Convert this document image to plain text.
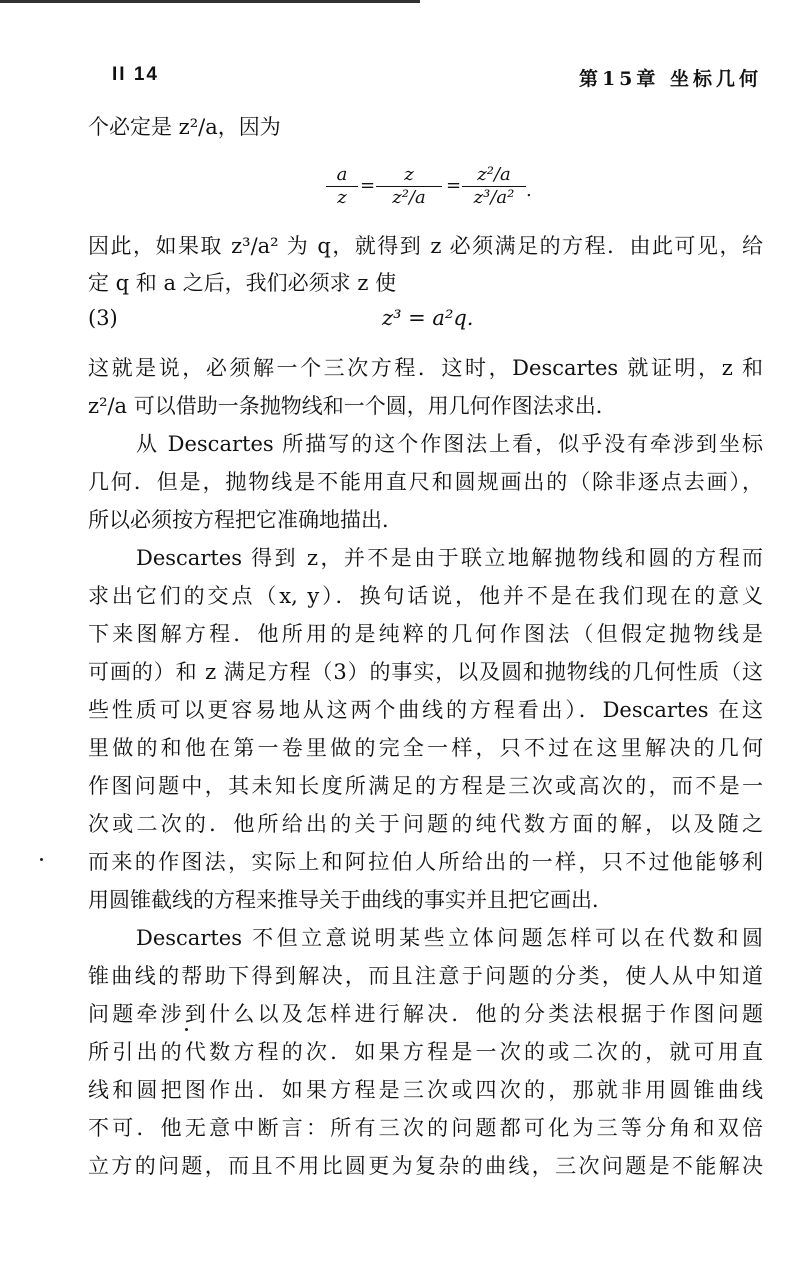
II 14	第15章 坐标几何
个必定是 z²/a，因为
$\frac{a}{z} = \frac{z}{\text{z²/a}} = \frac{\text{z²/a}}{\text{z³/a²}}$ .
因此，如果取 z³/a² 为 q，就得到 z 必须满足的方程．由此可见，给
定 q 和 a 之后，我们必须求 z 使
(3)	z³ = a²q.
这就是说，必须解一个三次方程．这时，Descartes 就证明，z 和
z²/a 可以借助一条抛物线和一个圆，用几何作图法求出．
从 Descartes 所描写的这个作图法上看，似乎没有牵涉到坐标
几何．但是，抛物线是不能用直尺和圆规画出的（除非逐点去画），
所以必须按方程把它准确地描出．
Descartes 得到 z，并不是由于联立地解抛物线和圆的方程而
求出它们的交点（x, y）．换句话说，他并不是在我们现在的意义
下来图解方程．他所用的是纯粹的几何作图法（但假定抛物线是
可画的）和 z 满足方程（3）的事实，以及圆和抛物线的几何性质（这
些性质可以更容易地从这两个曲线的方程看出）．Descartes 在这
里做的和他在第一卷里做的完全一样，只不过在这里解决的几何
作图问题中，其未知长度所满足的方程是三次或高次的，而不是一
次或二次的．他所给出的关于问题的纯代数方面的解，以及随之
而来的作图法，实际上和阿拉伯人所给出的一样，只不过他能够利
用圆锥截线的方程来推导关于曲线的事实并且把它画出．
Descartes 不但立意说明某些立体问题怎样可以在代数和圆
锥曲线的帮助下得到解决，而且注意于问题的分类，使人从中知道
问题牵涉到什么以及怎样进行解决．他的分类法根据于作图问题
所引出的代数方程的次．如果方程是一次的或二次的，就可用直
线和圆把图作出．如果方程是三次或四次的，那就非用圆锥曲线
不可．他无意中断言：所有三次的问题都可化为三等分角和双倍
立方的问题，而且不用比圆更为复杂的曲线，三次问题是不能解决
